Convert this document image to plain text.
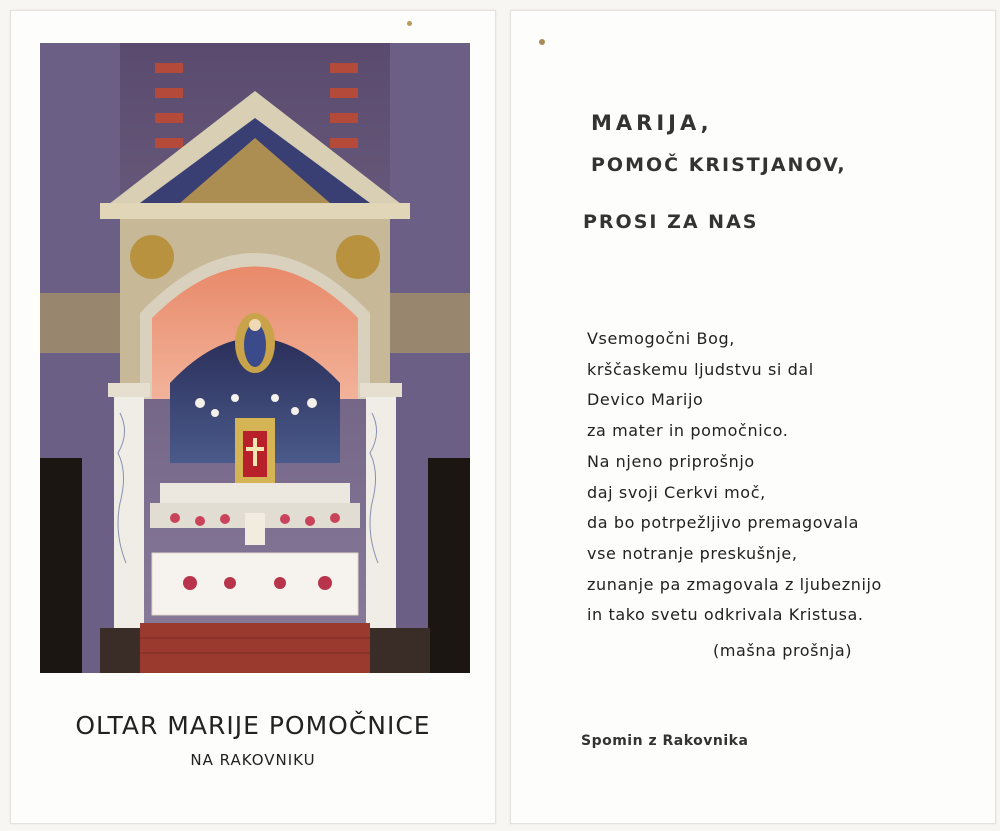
OLTAR MARIJE POMOČNICE
NA RAKOVNIKU
MARIJA,
POMOČ KRISTJANOV,
PROSI ZA NAS
Vsemogočni Bog,
krščaskemu ljudstvu si dal
Devico Marijo
za mater in pomočnico.
Na njeno priprošnjo
daj svoji Cerkvi moč,
da bo potrpežljivo premagovala
vse notranje preskušnje,
zunanje pa zmagovala z ljubeznijo
in tako svetu odkrivala Kristusa.
(mašna prošnja)
Spomin z Rakovnika
